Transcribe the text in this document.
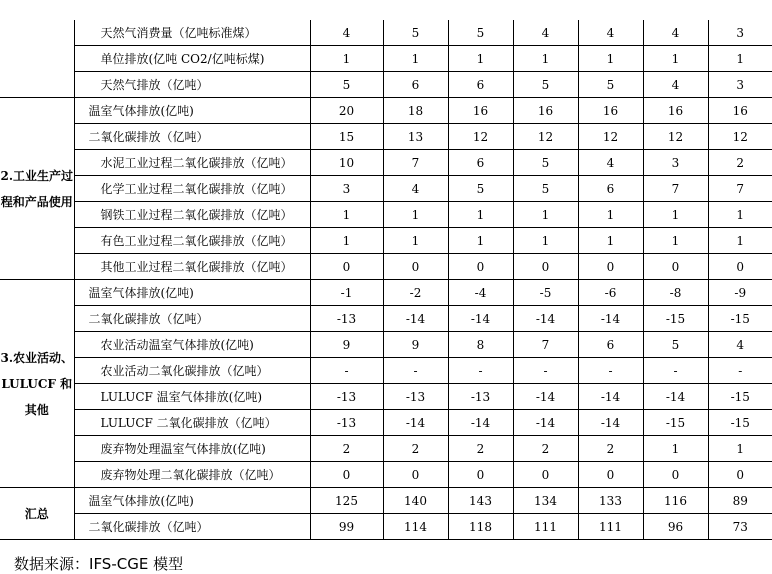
	天然气消费量（亿吨标准煤）	4	5	5	4	4	4	3
	单位排放(亿吨 CO2/亿吨标煤)	1	1	1	1	1	1	1
	天然气排放（亿吨）	5	6	6	5	5	4	3
2.工业生产过程和产品使用	温室气体排放(亿吨)	20	18	16	16	16	16	16
	二氧化碳排放（亿吨）	15	13	12	12	12	12	12
	水泥工业过程二氧化碳排放（亿吨）	10	7	6	5	4	3	2
	化学工业过程二氧化碳排放（亿吨）	3	4	5	5	6	7	7
	钢铁工业过程二氧化碳排放（亿吨）	1	1	1	1	1	1	1
	有色工业过程二氧化碳排放（亿吨）	1	1	1	1	1	1	1
	其他工业过程二氧化碳排放（亿吨）	0	0	0	0	0	0	0
3.农业活动、LULUCF 和其他	温室气体排放(亿吨)	-1	-2	-4	-5	-6	-8	-9
	二氧化碳排放（亿吨）	-13	-14	-14	-14	-14	-15	-15
	农业活动温室气体排放(亿吨)	9	9	8	7	6	5	4
	农业活动二氧化碳排放（亿吨）	-	-	-	-	-	-	-
	LULUCF 温室气体排放(亿吨)	-13	-13	-13	-14	-14	-14	-15
	LULUCF 二氧化碳排放（亿吨）	-13	-14	-14	-14	-14	-15	-15
	废弃物处理温室气体排放(亿吨)	2	2	2	2	2	1	1
	废弃物处理二氧化碳排放（亿吨）	0	0	0	0	0	0	0
汇总	温室气体排放(亿吨)	125	140	143	134	133	116	89
	二氧化碳排放（亿吨）	99	114	118	111	111	96	73
数据来源：IFS-CGE 模型
